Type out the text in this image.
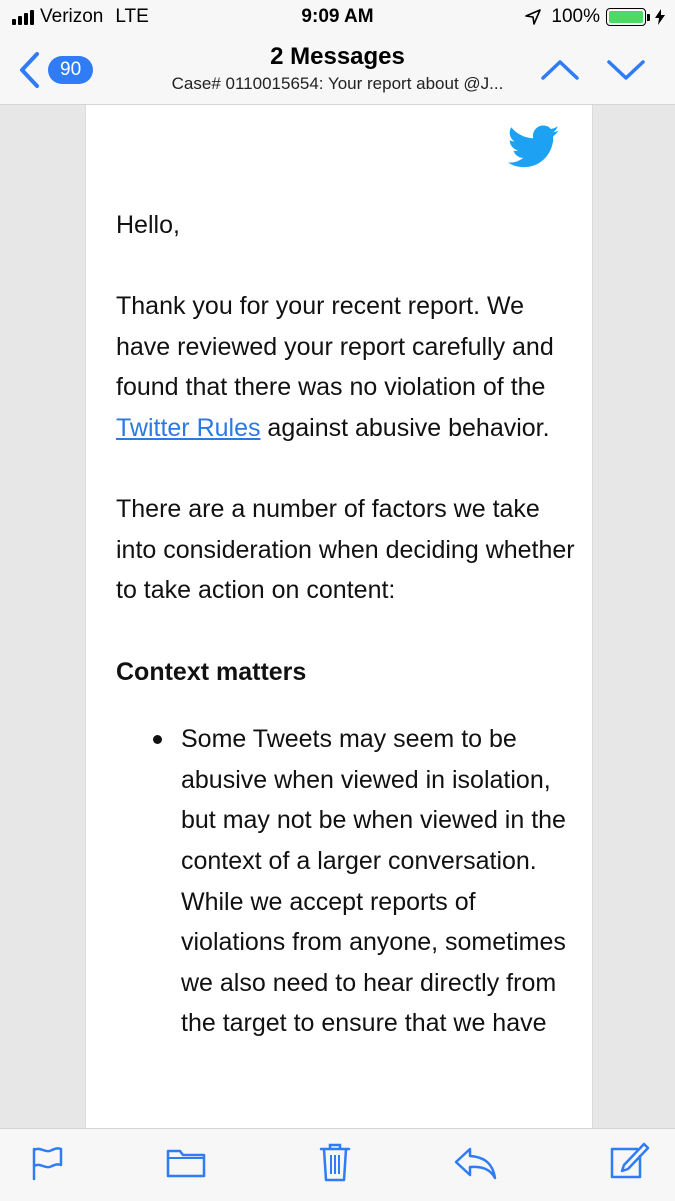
Verizon LTE	9:09 AM	100%
90	2 Messages
Case# 0110015654: Your report about @J...

Hello,

Thank you for your recent report. We have reviewed your report carefully and found that there was no violation of the Twitter Rules against abusive behavior.

There are a number of factors we take into consideration when deciding whether to take action on content:

Context matters
Some Tweets may seem to be abusive when viewed in isolation, but may not be when viewed in the context of a larger conversation. While we accept reports of violations from anyone, sometimes we also need to hear directly from the target to ensure that we have
